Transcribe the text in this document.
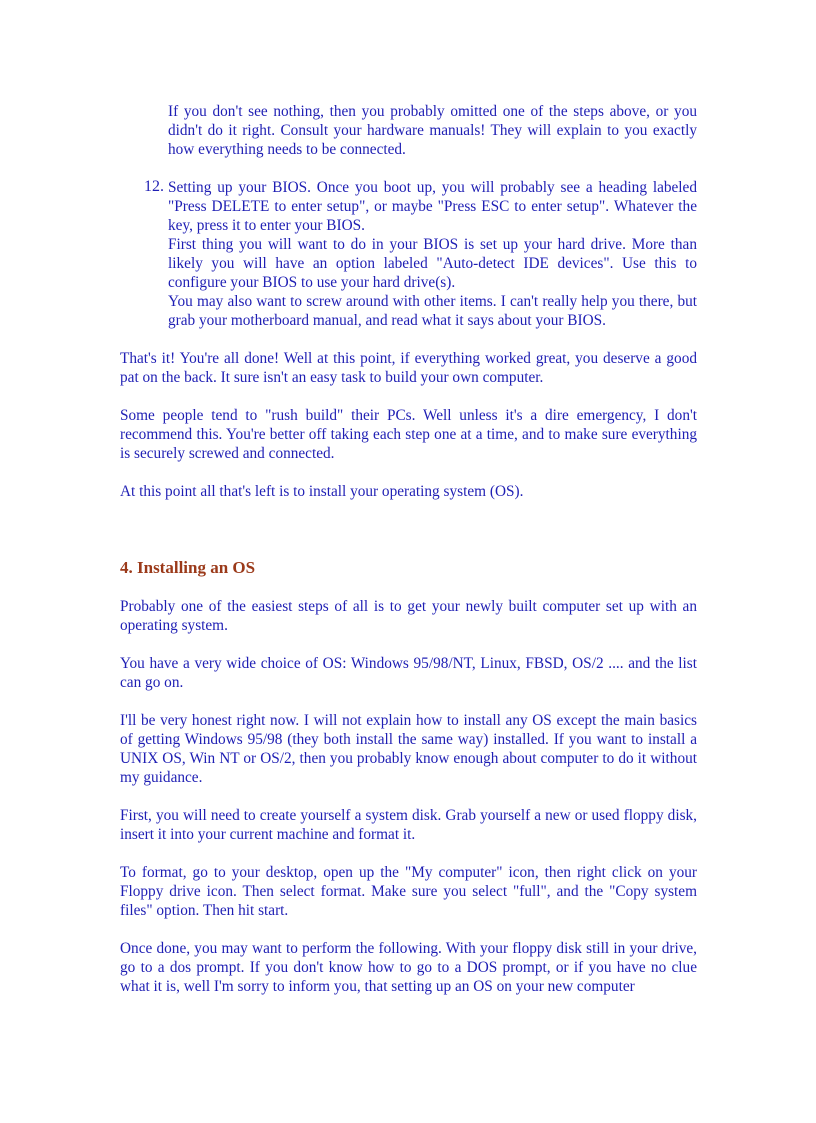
If you don't see nothing, then you probably omitted one of the steps above, or you didn't do it right. Consult your hardware manuals! They will explain to you exactly how everything needs to be connected.

12. Setting up your BIOS. Once you boot up, you will probably see a heading labeled "Press DELETE to enter setup", or maybe "Press ESC to enter setup". Whatever the key, press it to enter your BIOS.

First thing you will want to do in your BIOS is set up your hard drive. More than likely you will have an option labeled "Auto-detect IDE devices". Use this to configure your BIOS to use your hard drive(s).

You may also want to screw around with other items. I can't really help you there, but grab your motherboard manual, and read what it says about your BIOS.

That's it! You're all done! Well at this point, if everything worked great, you deserve a good pat on the back. It sure isn't an easy task to build your own computer.

Some people tend to "rush build" their PCs. Well unless it's a dire emergency, I don't recommend this. You're better off taking each step one at a time, and to make sure everything is securely screwed and connected.

At this point all that's left is to install your operating system (OS).

4. Installing an OS

Probably one of the easiest steps of all is to get your newly built computer set up with an operating system.

You have a very wide choice of OS: Windows 95/98/NT, Linux, FBSD, OS/2 .... and the list can go on.

I'll be very honest right now. I will not explain how to install any OS except the main basics of getting Windows 95/98 (they both install the same way) installed. If you want to install a UNIX OS, Win NT or OS/2, then you probably know enough about computer to do it without my guidance.

First, you will need to create yourself a system disk. Grab yourself a new or used floppy disk, insert it into your current machine and format it.

To format, go to your desktop, open up the "My computer" icon, then right click on your Floppy drive icon. Then select format. Make sure you select "full", and the "Copy system files" option. Then hit start.

Once done, you may want to perform the following. With your floppy disk still in your drive, go to a dos prompt. If you don't know how to go to a DOS prompt, or if you have no clue what it is, well I'm sorry to inform you, that setting up an OS on your new computer
